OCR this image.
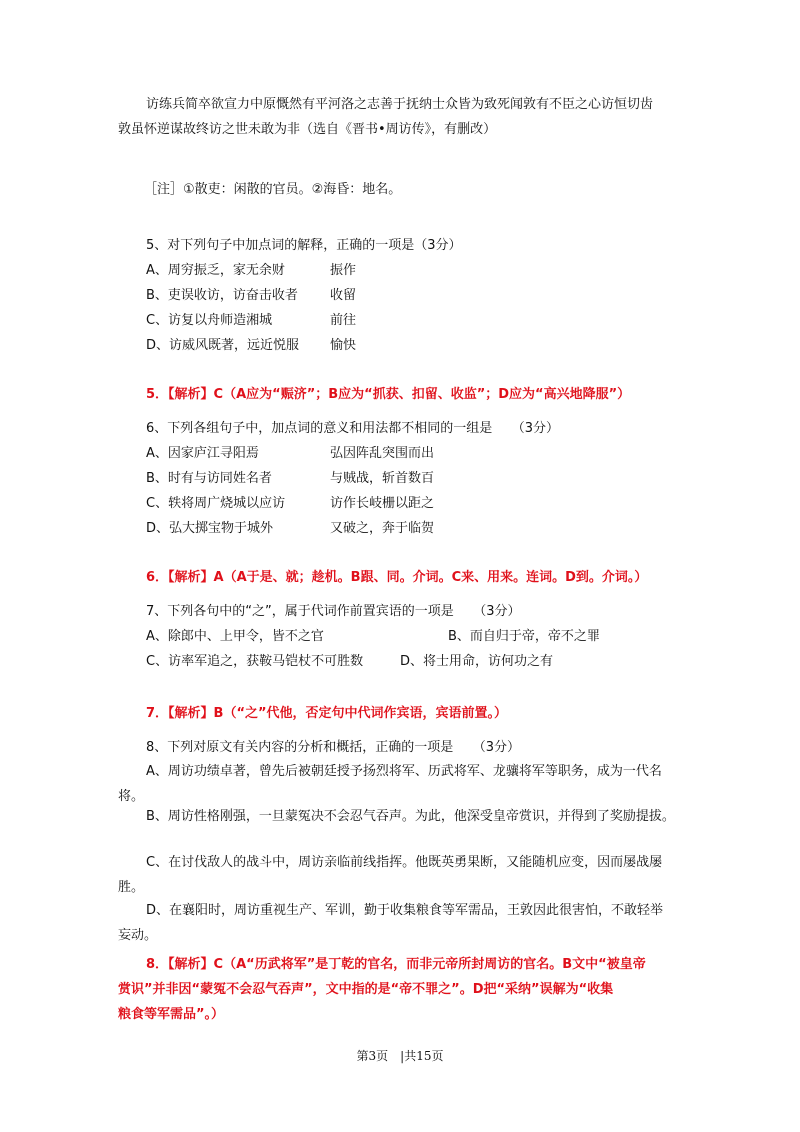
访练兵简卒欲宣力中原慨然有平河洛之志善于抚纳士众皆为致死闻敦有不臣之心访恒切齿
敦虽怀逆谋故终访之世未敢为非（选自《晋书•周访传》，有删改）
［注］①散吏：闲散的官员。②海昏：地名。
5、对下列句子中加点词的解释，正确的一项是（3分）
A、周穷振乏，家无余财	振作
B、吏误收访，访奋击收者 收留
C、访复以舟师造湘城	前往
D、访威风既著，远近悦服 愉快
5．【解析】C（A应为“赈济”；B应为“抓获、扣留、收监”；D应为“高兴地降服”）
6、下列各组句子中，加点词的意义和用法都不相同的一组是　　（3分）
A、因家庐江寻阳焉	弘因阵乱突围而出
B、时有与访同姓名者	与贼战，斩首数百
C、轶将周广烧城以应访	访作长岐栅以距之
D、弘大掷宝物于城外	又破之，奔于临贺
6．【解析】A（A于是、就；趁机。B跟、同。介词。C来、用来。连词。D到。介词。）
7、下列各句中的“之”，属于代词作前置宾语的一项是　　（3分）
A、除郎中、上甲令，皆不之官	B、而自归于帝，帝不之罪
C、访率军追之，获鞍马铠杖不可胜数	D、将士用命，访何功之有
7．【解析】B（“之”代他，否定句中代词作宾语，宾语前置。）
8、下列对原文有关内容的分析和概括，正确的一项是　　（3分）
A、周访功绩卓著，曾先后被朝廷授予扬烈将军、历武将军、龙骧将军等职务，成为一代名
将。
B、周访性格刚强，一旦蒙冤决不会忍气吞声。为此，他深受皇帝赏识，并得到了奖励提拔。
C、在讨伐敌人的战斗中，周访亲临前线指挥。他既英勇果断，又能随机应变，因而屡战屡
胜。
D、在襄阳时，周访重视生产、军训，勤于收集粮食等军需品，王敦因此很害怕，不敢轻举
妄动。
8．【解析】C（A“历武将军”是丁乾的官名，而非元帝所封周访的官名。B文中“被皇帝
赏识”并非因“蒙冤不会忍气吞声”，文中指的是“帝不罪之”。D把“采纳”误解为“收集
粮食等军需品”。）
第3页　|共15页
